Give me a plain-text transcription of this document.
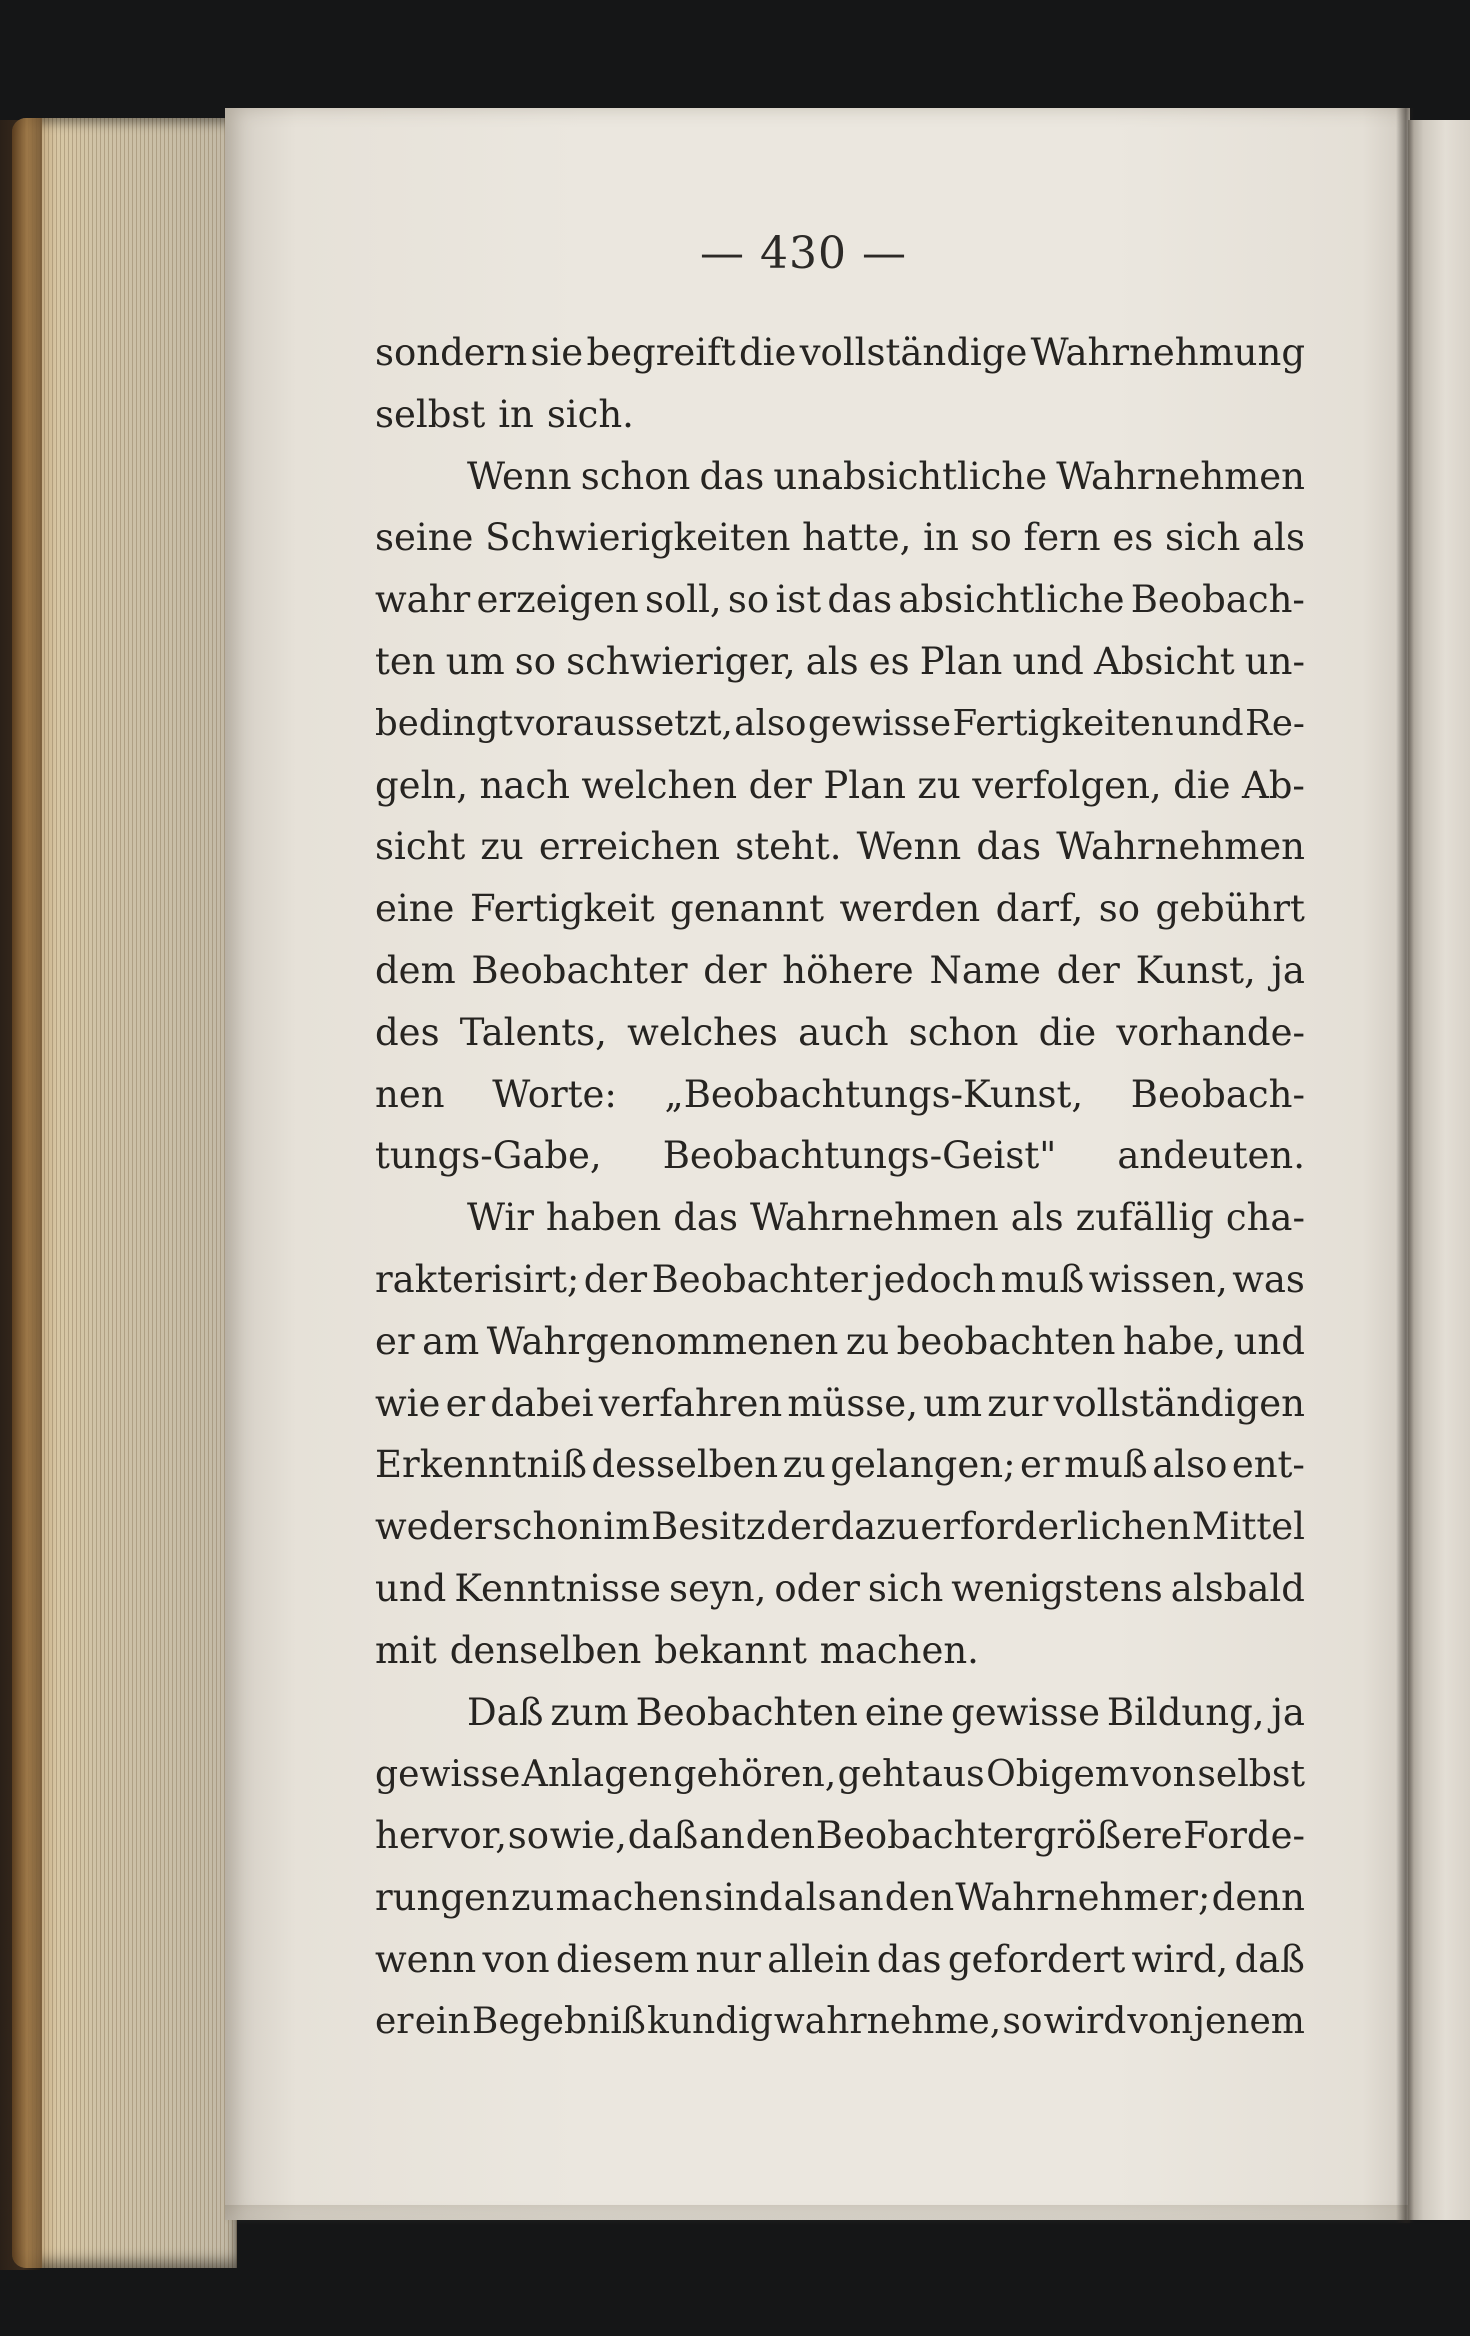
— 430 —
sondern sie begreift die vollständige Wahrnehmung
selbst in sich.
Wenn schon das unabsichtliche Wahrnehmen
seine Schwierigkeiten hatte, in so fern es sich als
wahr erzeigen soll, so ist das absichtliche Beobach-
ten um so schwieriger, als es Plan und Absicht un-
bedingt voraussetzt, also gewisse Fertigkeiten und Re-
geln, nach welchen der Plan zu verfolgen, die Ab-
sicht zu erreichen steht. Wenn das Wahrnehmen
eine Fertigkeit genannt werden darf, so gebührt
dem Beobachter der höhere Name der Kunst, ja
des Talents, welches auch schon die vorhande-
nen Worte: „Beobachtungs-Kunst, Beobach-
tungs-Gabe, Beobachtungs-Geist" andeuten.
Wir haben das Wahrnehmen als zufällig cha-
rakterisirt; der Beobachter jedoch muß wissen, was
er am Wahrgenommenen zu beobachten habe, und
wie er dabei verfahren müsse, um zur vollständigen
Erkenntniß desselben zu gelangen; er muß also ent-
weder schon im Besitz der dazu erforderlichen Mittel
und Kenntnisse seyn, oder sich wenigstens alsbald
mit denselben bekannt machen.
Daß zum Beobachten eine gewisse Bildung, ja
gewisse Anlagen gehören, geht aus Obigem von selbst
hervor, so wie, daß an den Beobachter größere Forde-
rungen zu machen sind als an den Wahrnehmer; denn
wenn von diesem nur allein das gefordert wird, daß
er ein Begebniß kundig wahrnehme, so wird von jenem
